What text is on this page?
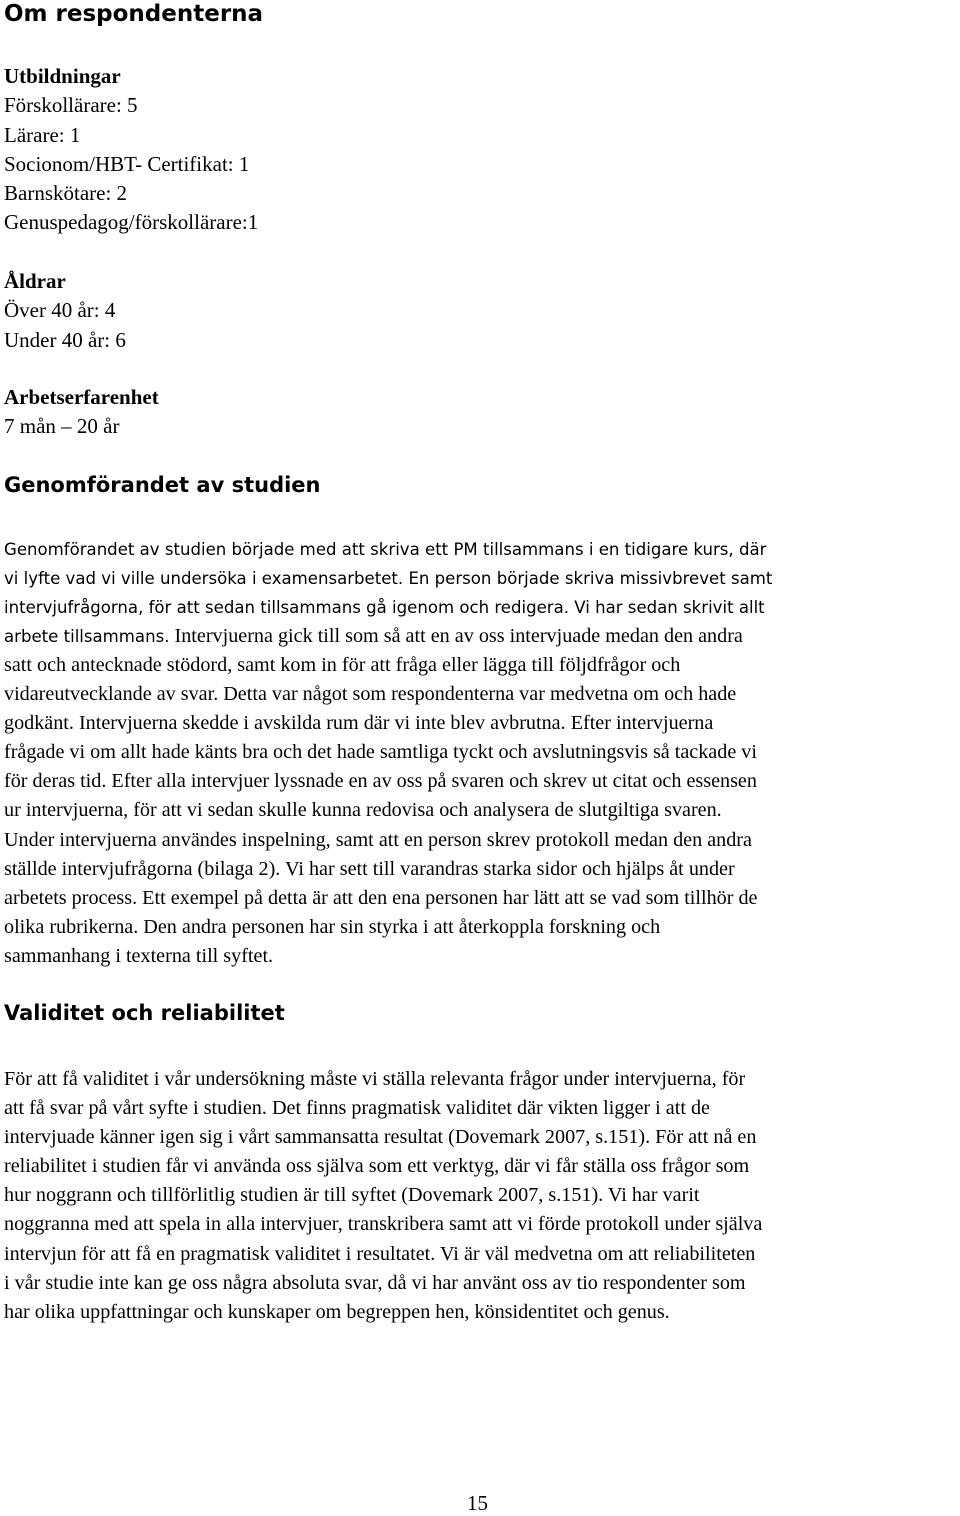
Om respondenterna
Utbildningar
Förskollärare: 5
Lärare: 1
Socionom/HBT- Certifikat: 1
Barnskötare: 2
Genuspedagog/förskollärare:1
Åldrar
Över 40 år: 4
Under 40 år: 6
Arbetserfarenhet
7 mån – 20 år
Genomförandet av studien
Genomförandet av studien började med att skriva ett PM tillsammans i en tidigare kurs, där
vi lyfte vad vi ville undersöka i examensarbetet. En person började skriva missivbrevet samt
intervjufrågorna, för att sedan tillsammans gå igenom och redigera. Vi har sedan skrivit allt
arbete tillsammans. Intervjuerna gick till som så att en av oss intervjuade medan den andra
satt och antecknade stödord, samt kom in för att fråga eller lägga till följdfrågor och
vidareutvecklande av svar. Detta var något som respondenterna var medvetna om och hade
godkänt. Intervjuerna skedde i avskilda rum där vi inte blev avbrutna. Efter intervjuerna
frågade vi om allt hade känts bra och det hade samtliga tyckt och avslutningsvis så tackade vi
för deras tid. Efter alla intervjuer lyssnade en av oss på svaren och skrev ut citat och essensen
ur intervjuerna, för att vi sedan skulle kunna redovisa och analysera de slutgiltiga svaren.
Under intervjuerna användes inspelning, samt att en person skrev protokoll medan den andra
ställde intervjufrågorna (bilaga 2). Vi har sett till varandras starka sidor och hjälps åt under
arbetets process. Ett exempel på detta är att den ena personen har lätt att se vad som tillhör de
olika rubrikerna. Den andra personen har sin styrka i att återkoppla forskning och
sammanhang i texterna till syftet.
Validitet och reliabilitet
För att få validitet i vår undersökning måste vi ställa relevanta frågor under intervjuerna, för
att få svar på vårt syfte i studien. Det finns pragmatisk validitet där vikten ligger i att de
intervjuade känner igen sig i vårt sammansatta resultat (Dovemark 2007, s.151). För att nå en
reliabilitet i studien får vi använda oss själva som ett verktyg, där vi får ställa oss frågor som
hur noggrann och tillförlitlig studien är till syftet (Dovemark 2007, s.151). Vi har varit
noggranna med att spela in alla intervjuer, transkribera samt att vi förde protokoll under själva
intervjun för att få en pragmatisk validitet i resultatet. Vi är väl medvetna om att reliabiliteten
i vår studie inte kan ge oss några absoluta svar, då vi har använt oss av tio respondenter som
har olika uppfattningar och kunskaper om begreppen hen, könsidentitet och genus.
15
